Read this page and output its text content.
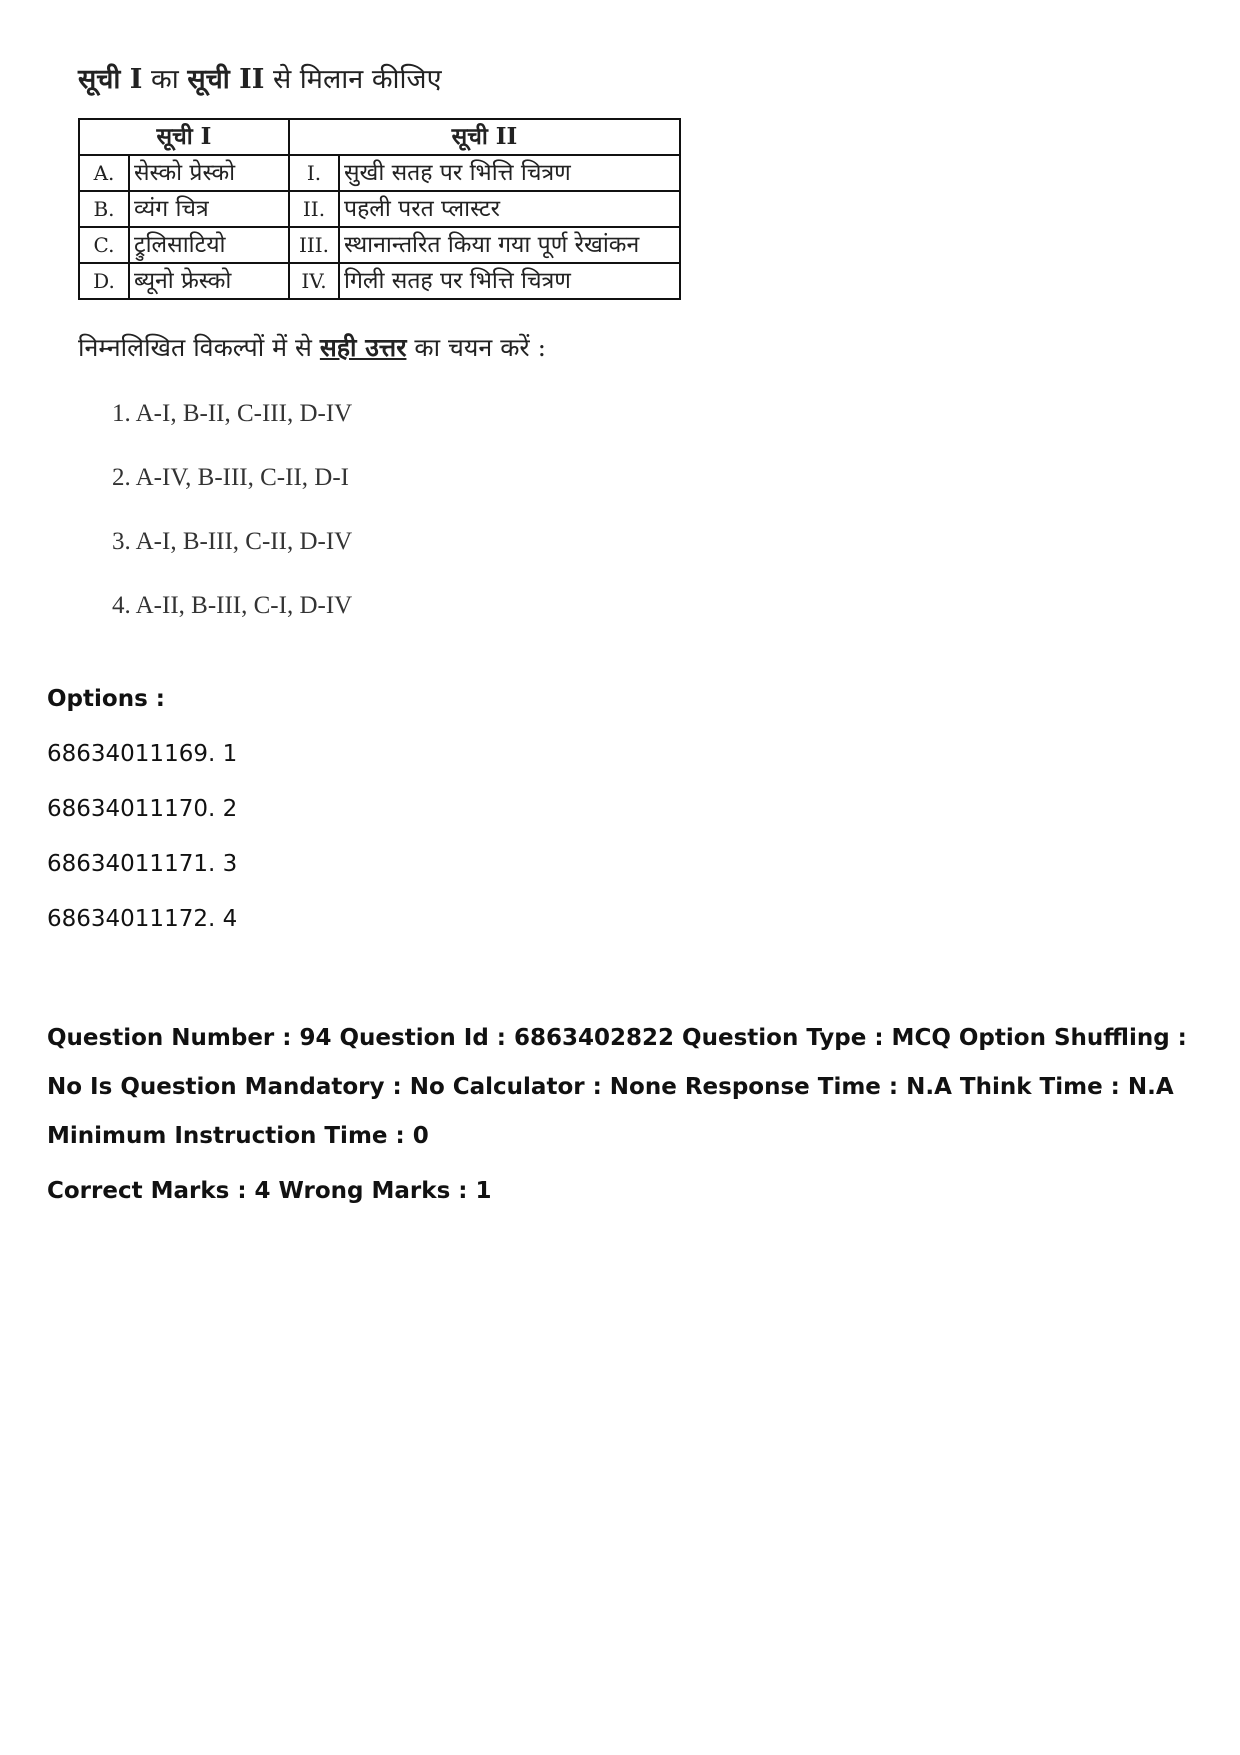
सूची I का सूची II से मिलान कीजिए
सूची I		सूची II	
A.	सेस्को प्रेस्को	I.	सुखी सतह पर भित्ति चित्रण
B.	व्यंग चित्र	II.	पहली परत प्लास्टर
C.	ट्रुलिसाटियो	III.	स्थानान्तरित किया गया पूर्ण रेखांकन
D.	ब्यूनो फ्रेस्को	IV.	गिली सतह पर भित्ति चित्रण
निम्नलिखित विकल्पों में से सही उत्तर का चयन करें :
1. A-I, B-II, C-III, D-IV
2. A-IV, B-III, C-II, D-I
3. A-I, B-III, C-II, D-IV
4. A-II, B-III, C-I, D-IV
Options :
68634011169. 1
68634011170. 2
68634011171. 3
68634011172. 4
Question Number : 94 Question Id : 6863402822 Question Type : MCQ Option Shuffling : No Is Question Mandatory : No Calculator : None Response Time : N.A Think Time : N.A Minimum Instruction Time : 0
Correct Marks : 4 Wrong Marks : 1
